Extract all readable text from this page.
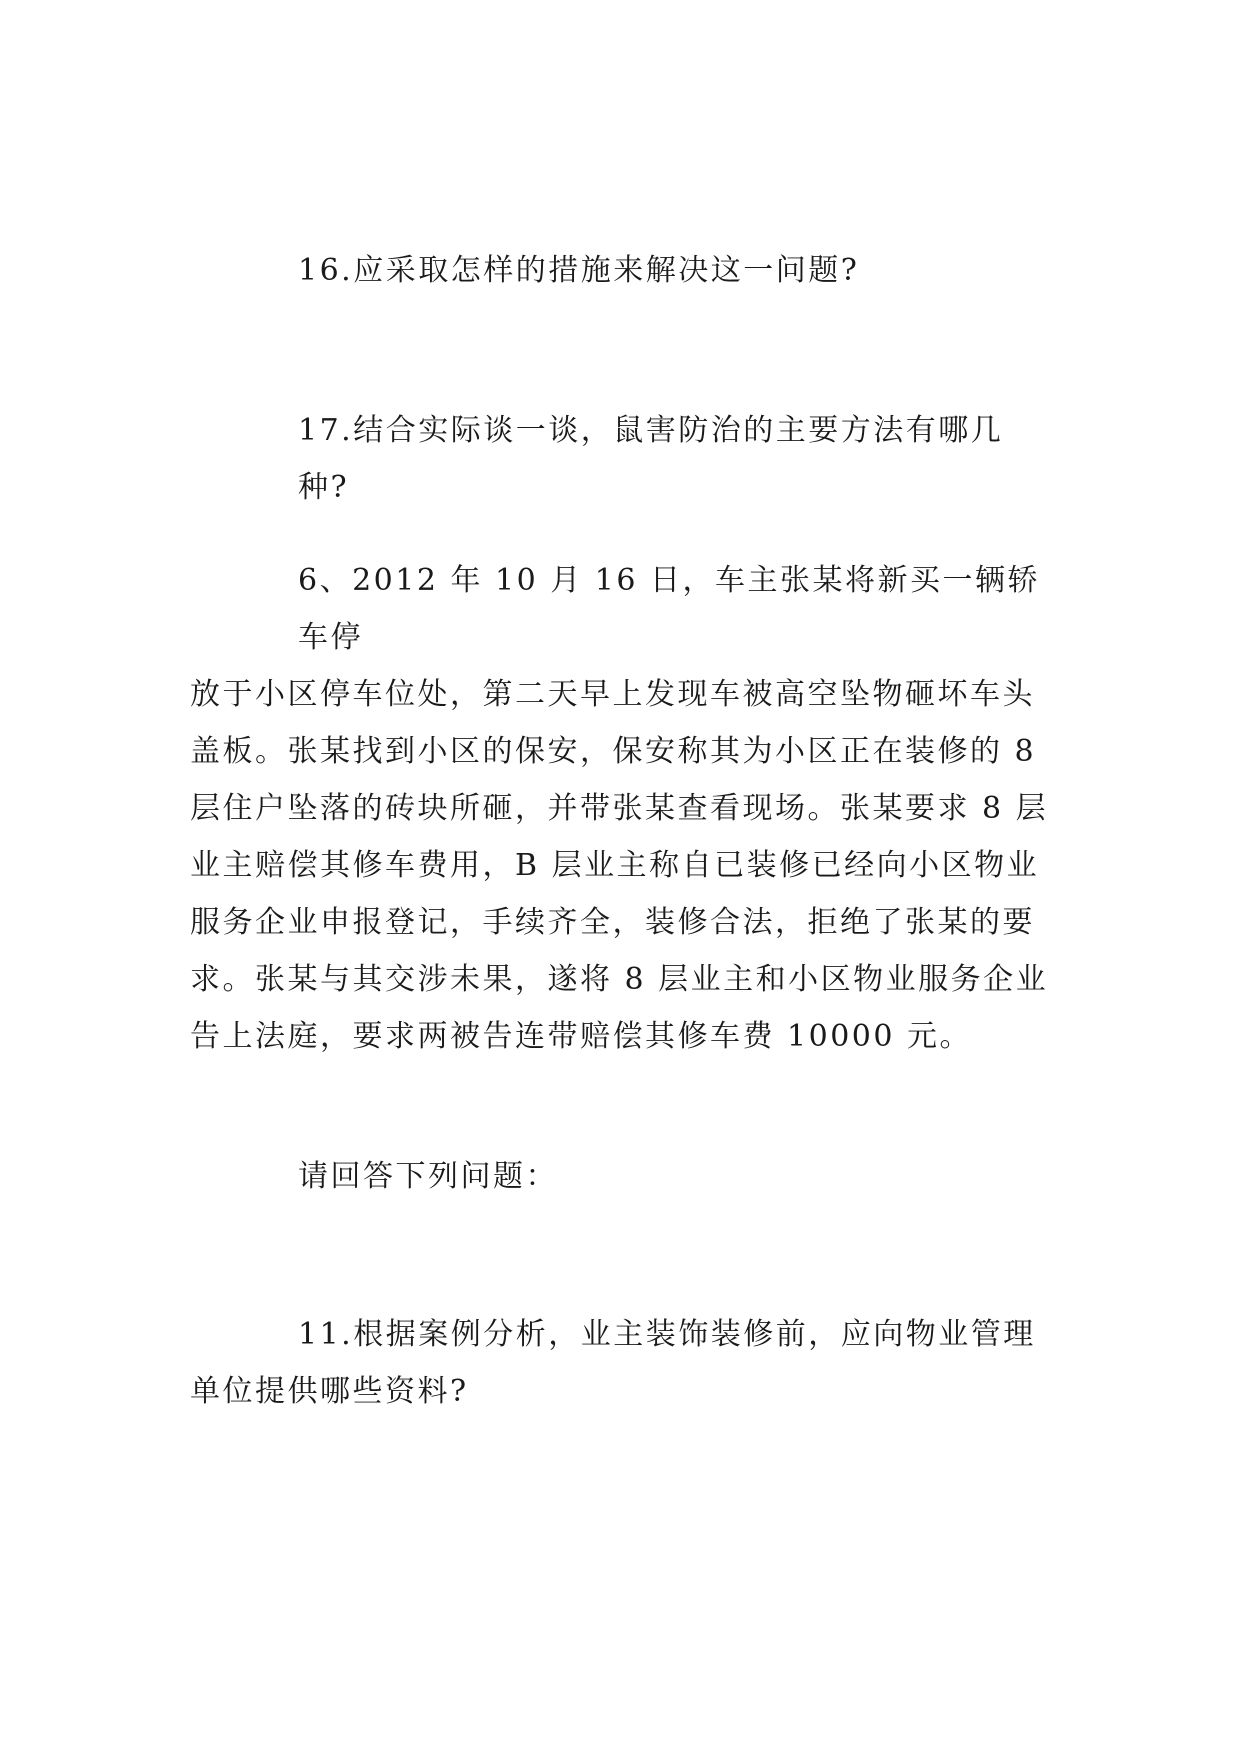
16.应采取怎样的措施来解决这一问题?

17.结合实际谈一谈，鼠害防治的主要方法有哪几种?

6、2012 年 10 月 16 日，车主张某将新买一辆轿车停
放于小区停车位处，第二天早上发现车被高空坠物砸坏车头
盖板。张某找到小区的保安，保安称其为小区正在装修的 8
层住户坠落的砖块所砸，并带张某查看现场。张某要求 8 层
业主赔偿其修车费用，B 层业主称自已装修已经向小区物业
服务企业申报登记，手续齐全，装修合法，拒绝了张某的要
求。张某与其交涉未果，遂将 8 层业主和小区物业服务企业
告上法庭，要求两被告连带赔偿其修车费 10000 元。

请回答下列问题：

11.根据案例分析，业主装饰装修前，应向物业管理
单位提供哪些资料?
